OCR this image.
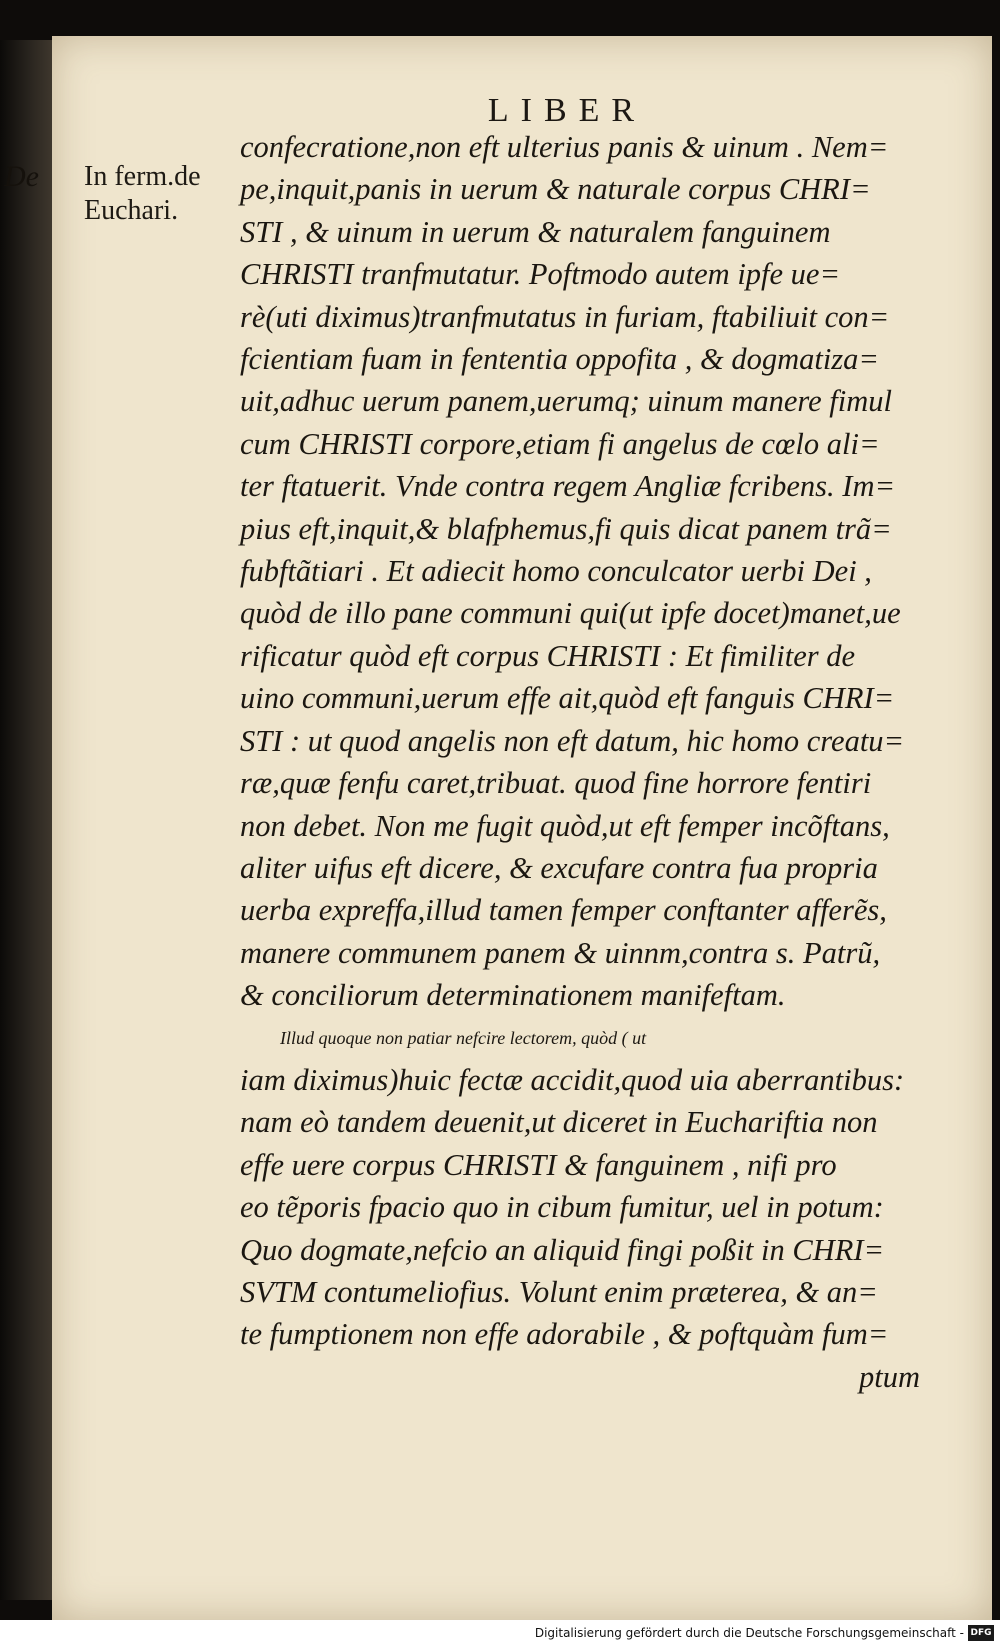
De
LIBER
In ferm.de
Euchari.
confecratione,non eft ulterius panis & uinum . Nem=
pe,inquit,panis in uerum & naturale corpus CHRI=
STI , & uinum in uerum & naturalem fanguinem
CHRISTI tranfmutatur. Poftmodo autem ipfe ue=
rè(uti diximus)tranfmutatus in furiam, ftabiliuit con=
fcientiam fuam in fententia oppofita , & dogmatiza=
uit,adhuc uerum panem,uerumq; uinum manere fimul
cum CHRISTI corpore,etiam fi angelus de cœlo ali=
ter ftatuerit. Vnde contra regem Angliæ fcribens. Im=
pius eft,inquit,& blafphemus,fi quis dicat panem trã=
fubftãtiari . Et adiecit homo conculcator uerbi Dei ,
quòd de illo pane communi qui(ut ipfe docet)manet,ue
rificatur quòd eft corpus CHRISTI : Et fimiliter de
uino communi,uerum effe ait,quòd eft fanguis CHRI=
STI : ut quod angelis non eft datum, hic homo creatu=
ræ,quæ fenfu caret,tribuat. quod fine horrore fentiri
non debet. Non me fugit quòd,ut eft femper incõftans,
aliter uifus eft dicere, & excufare contra fua propria
uerba expreffa,illud tamen femper conftanter afferẽs,
manere communem panem & uinnm,contra s. Patrũ,
& conciliorum determinationem manifeftam.
Illud quoque non patiar nefcire lectorem, quòd ( ut
iam diximus)huic fectæ accidit,quod uia aberrantibus:
nam eò tandem deuenit,ut diceret in Euchariftia non
effe uere corpus CHRISTI & fanguinem , nifi pro
eo tẽporis fpacio quo in cibum fumitur, uel in potum:
Quo dogmate,nefcio an aliquid fingi poßit in CHRI=
SVTM contumeliofius. Volunt enim præterea, & an=
te fumptionem non effe adorabile , & poftquàm fum=
ptum
Digitalisierung gefördert durch die Deutsche Forschungsgemeinschaft - DFG
